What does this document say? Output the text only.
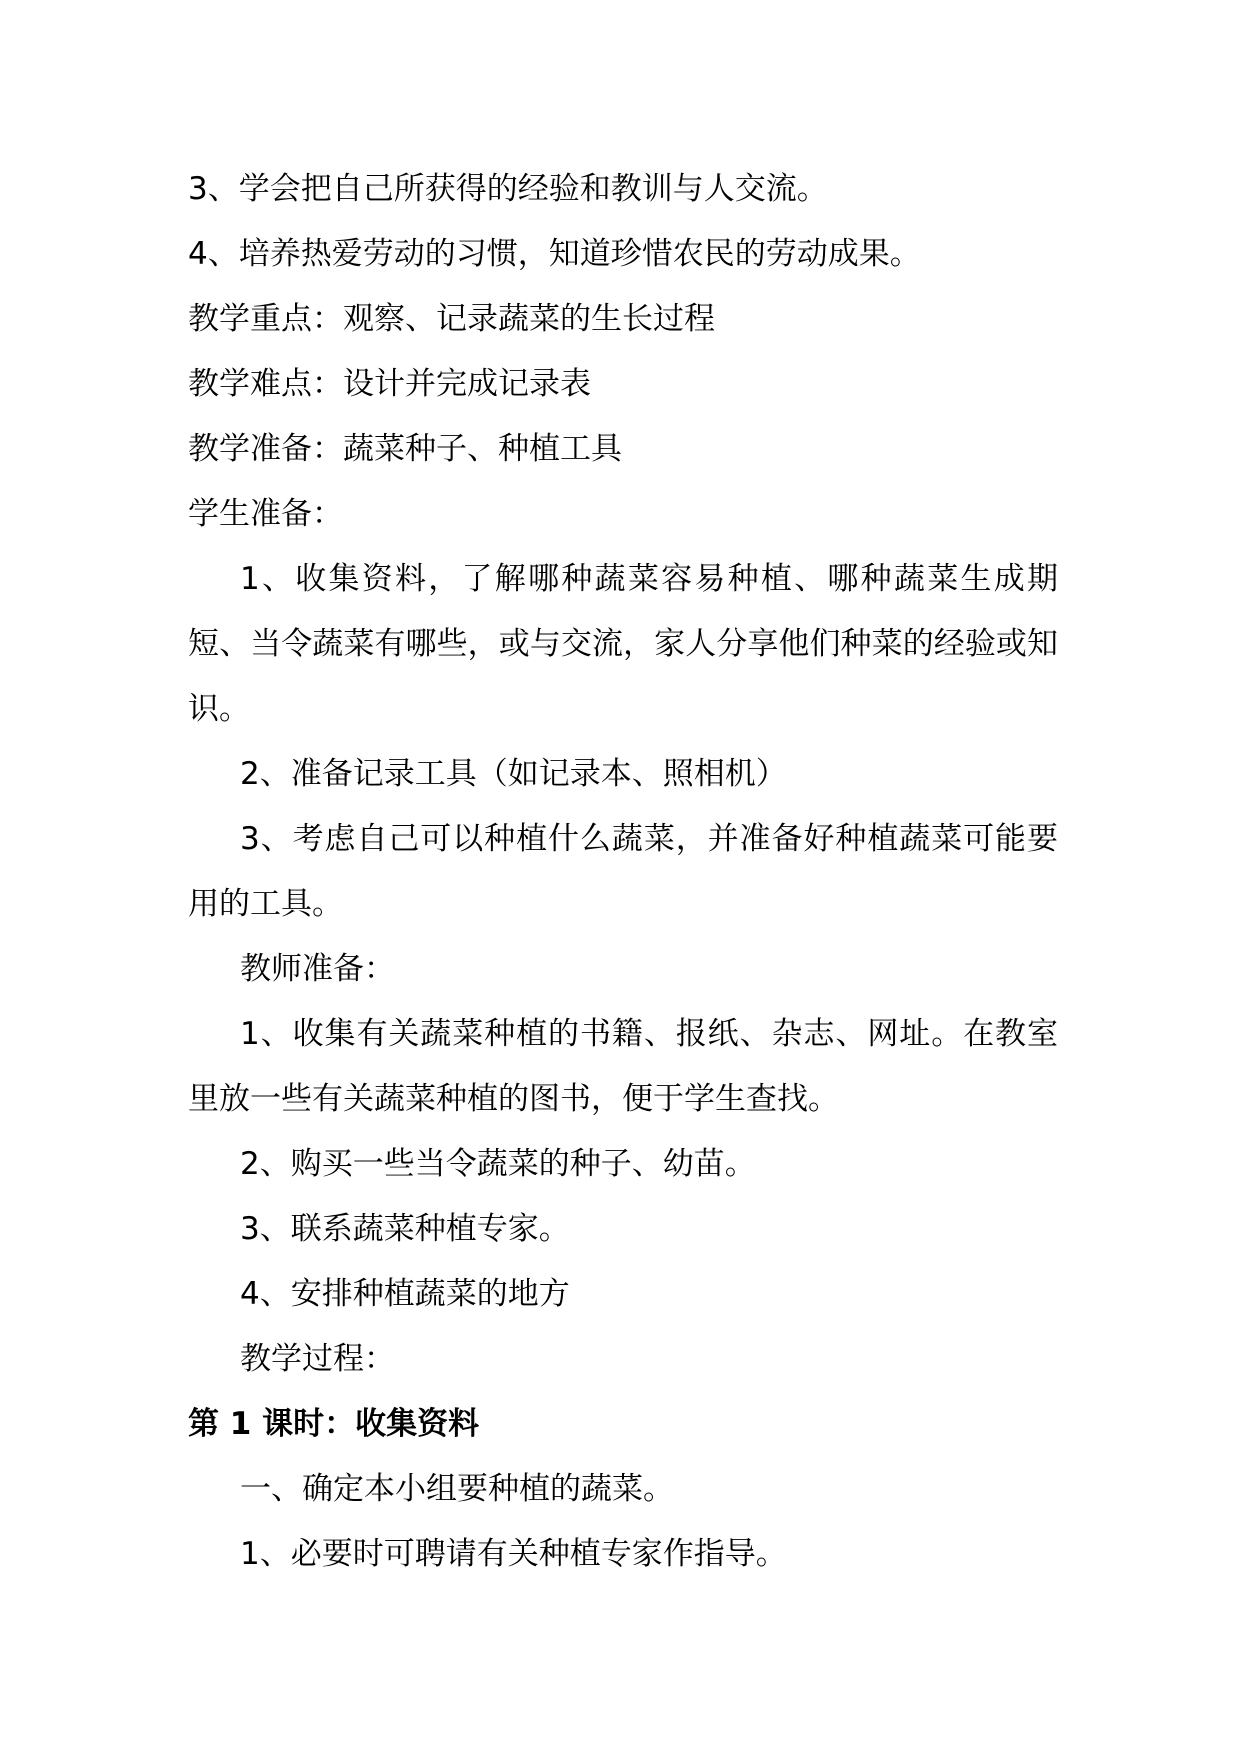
3、学会把自己所获得的经验和教训与人交流。
4、培养热爱劳动的习惯，知道珍惜农民的劳动成果。
教学重点：观察、记录蔬菜的生长过程
教学难点：设计并完成记录表
教学准备：蔬菜种子、种植工具
学生准备：
1、收集资料，了解哪种蔬菜容易种植、哪种蔬菜生成期短、当令蔬菜有哪些，或与交流，家人分享他们种菜的经验或知识。
2、准备记录工具（如记录本、照相机）
3、考虑自己可以种植什么蔬菜，并准备好种植蔬菜可能要用的工具。
教师准备：
1、收集有关蔬菜种植的书籍、报纸、杂志、网址。在教室里放一些有关蔬菜种植的图书，便于学生查找。
2、购买一些当令蔬菜的种子、幼苗。
3、联系蔬菜种植专家。
4、安排种植蔬菜的地方
教学过程：
第 1 课时：收集资料
一、确定本小组要种植的蔬菜。
1、必要时可聘请有关种植专家作指导。
